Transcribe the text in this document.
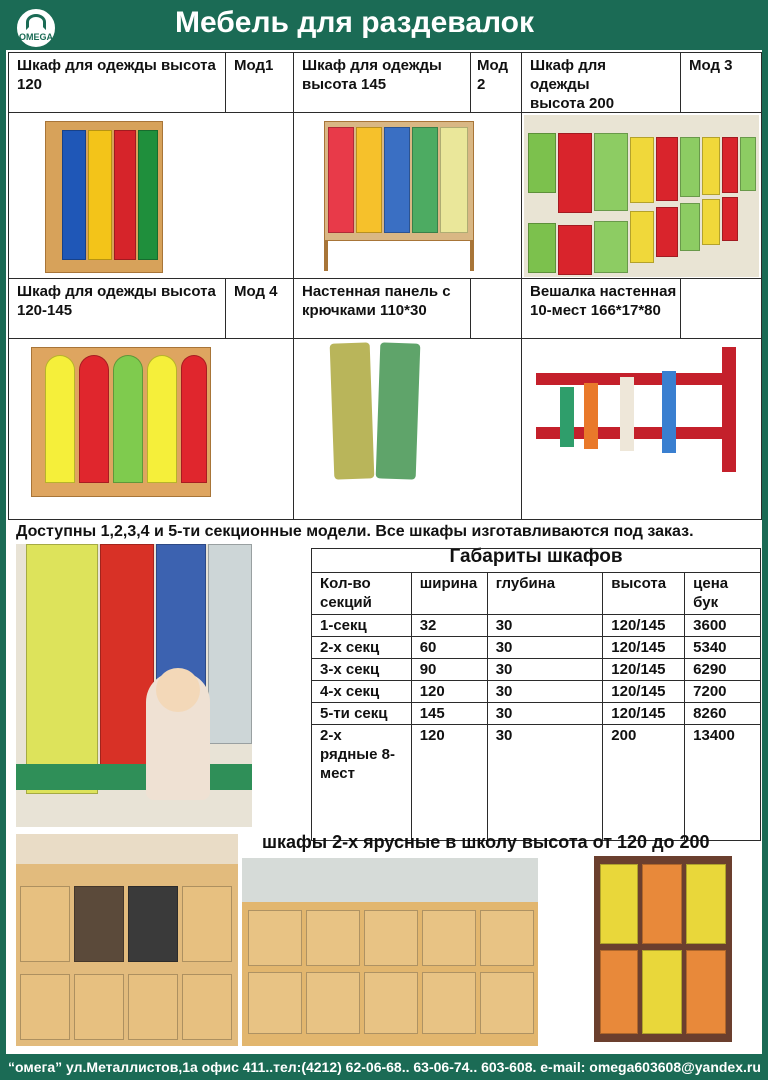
OMEGA	Мебель для раздевалок
Шкаф для одежды высота 120
Мод1 Шкаф для одежды высота 145
Мод 2
Шкаф для одежды высота 200
Мод 3
Шкаф для одежды высота 120-145
Мод 4 Настенная панель с крючками 110*30
Вешалка настенная 10-мест 166*17*80
Доступны 1,2,3,4 и 5-ти секционные модели. Все шкафы изготавливаются под заказ.
Габариты шкафов

Кол-во секций	ширина	глубина	высота	цена бук
1-секц	32	30	120/145	3600
2-х секц	60	30	120/145	5340
3-х секц	90	30	120/145	6290
4-х секц	120	30	120/145	7200
5-ти секц	145	30	120/145	8260
2-х рядные 8- мест	120	30	200	13400
шкафы 2-х ярусные в школу высота от 120 до 200
“омега” ул.Металлистов,1а офис 411..тел:(4212) 62-06-68.. 63-06-74.. 603-608. e-mail: omega603608@yandex.ru
